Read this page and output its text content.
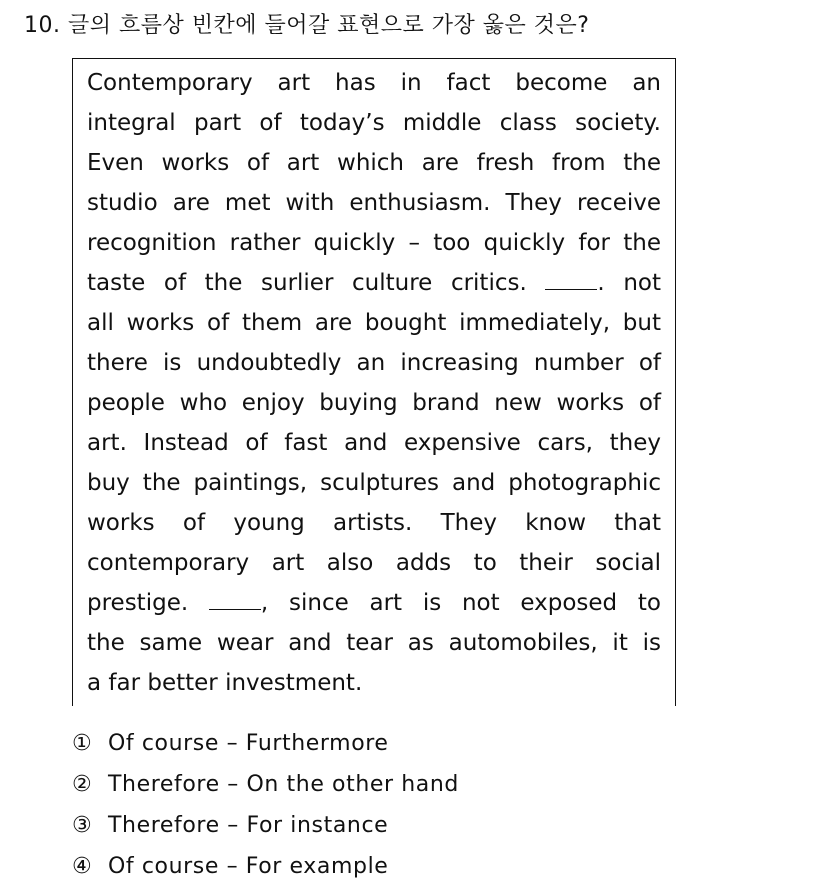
10. 글의 흐름상 빈칸에 들어갈 표현으로 가장 옳은 것은?
Contemporary art has in fact become an
integral part of today’s middle class society.
Even works of art which are fresh from the
studio are met with enthusiasm. They receive
recognition rather quickly – too quickly for the
taste of the surlier culture critics.	. not
all works of them are bought immediately, but
there is undoubtedly an increasing number of
people who enjoy buying brand new works of
art. Instead of fast and expensive cars, they
buy the paintings, sculptures and photographic
works of young artists. They know that
contemporary art also adds to their social
prestige.	, since art is not exposed to
the same wear and tear as automobiles, it is
a far better investment.
① Of course – Furthermore
② Therefore – On the other hand
③ Therefore – For instance
④ Of course – For example
